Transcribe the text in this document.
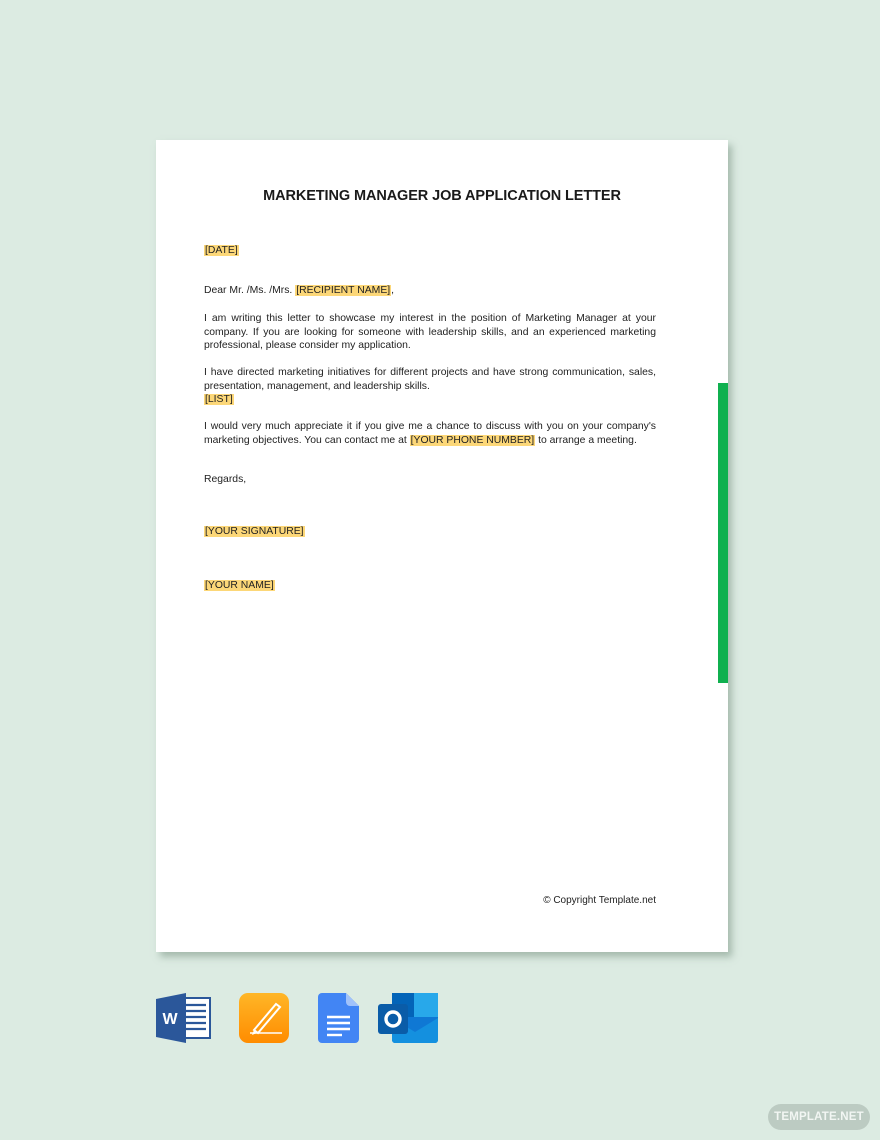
MARKETING MANAGER JOB APPLICATION LETTER
[DATE]
Dear Mr. /Ms. /Mrs. [RECIPIENT NAME],
I am writing this letter to showcase my interest in the position of Marketing Manager at your company. If you are looking for someone with leadership skills, and an experienced marketing professional, please consider my application.
I have directed marketing initiatives for different projects and have strong communication, sales, presentation, management, and leadership skills.
[LIST]
I would very much appreciate it if you give me a chance to discuss with you on your company's marketing objectives. You can contact me at [YOUR PHONE NUMBER] to arrange a meeting.
Regards,
[YOUR SIGNATURE]
[YOUR NAME]
© Copyright Template.net
W
TEMPLATE.NET
